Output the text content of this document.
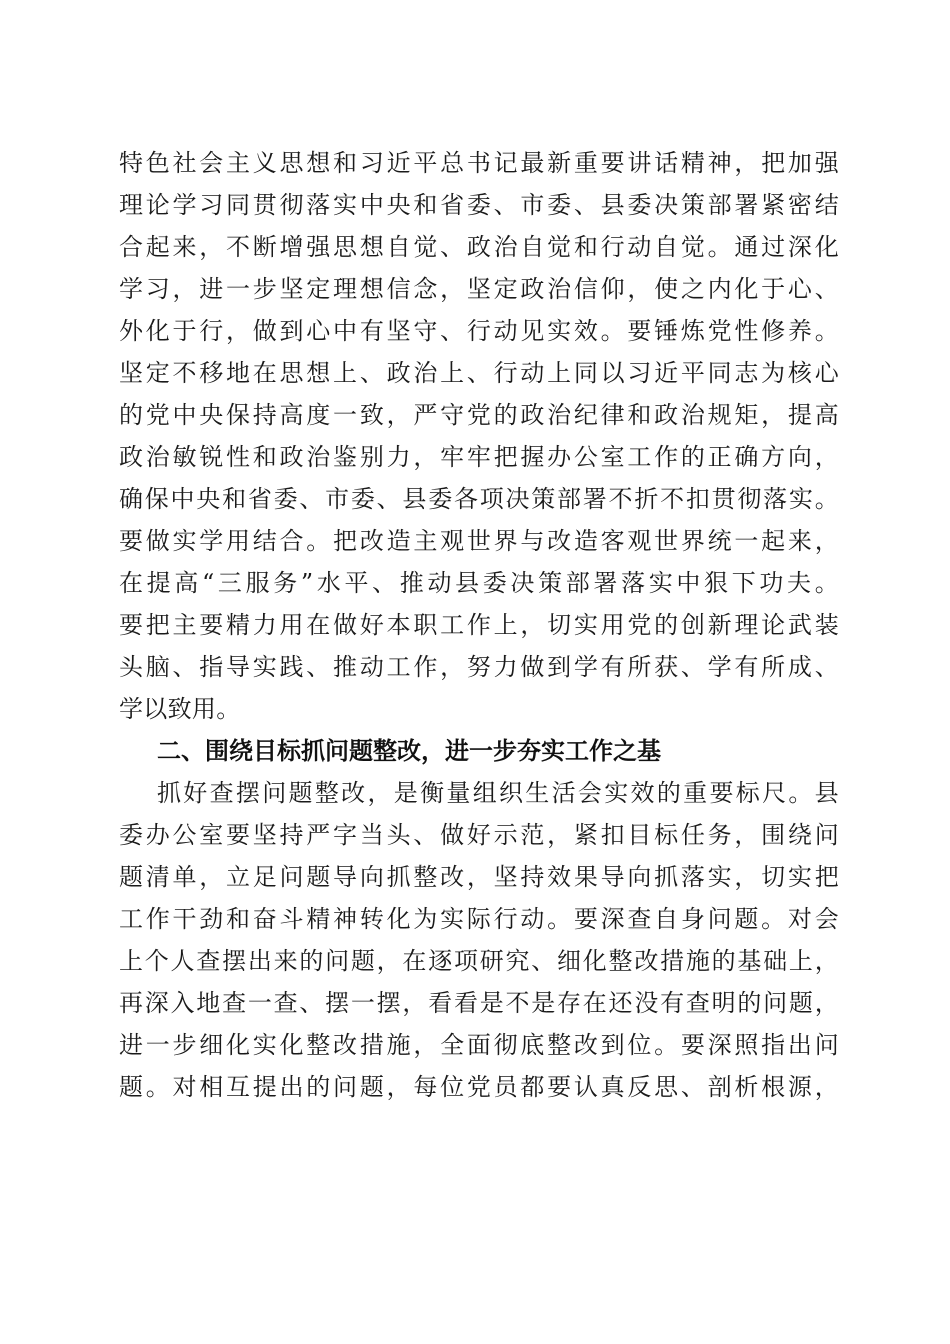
特色社会主义思想和习近平总书记最新重要讲话精神，把加强
理论学习同贯彻落实中央和省委、市委、县委决策部署紧密结
合起来，不断增强思想自觉、政治自觉和行动自觉。通过深化
学习，进一步坚定理想信念，坚定政治信仰，使之内化于心、
外化于行，做到心中有坚守、行动见实效。要锤炼党性修养。
坚定不移地在思想上、政治上、行动上同以习近平同志为核心
的党中央保持高度一致，严守党的政治纪律和政治规矩，提高
政治敏锐性和政治鉴别力，牢牢把握办公室工作的正确方向，
确保中央和省委、市委、县委各项决策部署不折不扣贯彻落实。
要做实学用结合。把改造主观世界与改造客观世界统一起来，
在提高“三服务”水平、推动县委决策部署落实中狠下功夫。
要把主要精力用在做好本职工作上，切实用党的创新理论武装
头脑、指导实践、推动工作，努力做到学有所获、学有所成、
学以致用。
二、围绕目标抓问题整改，进一步夯实工作之基
抓好查摆问题整改，是衡量组织生活会实效的重要标尺。县
委办公室要坚持严字当头、做好示范，紧扣目标任务，围绕问
题清单，立足问题导向抓整改，坚持效果导向抓落实，切实把
工作干劲和奋斗精神转化为实际行动。要深查自身问题。对会
上个人查摆出来的问题，在逐项研究、细化整改措施的基础上，
再深入地查一查、摆一摆，看看是不是存在还没有查明的问题，
进一步细化实化整改措施，全面彻底整改到位。要深照指出问
题。对相互提出的问题，每位党员都要认真反思、剖析根源，
